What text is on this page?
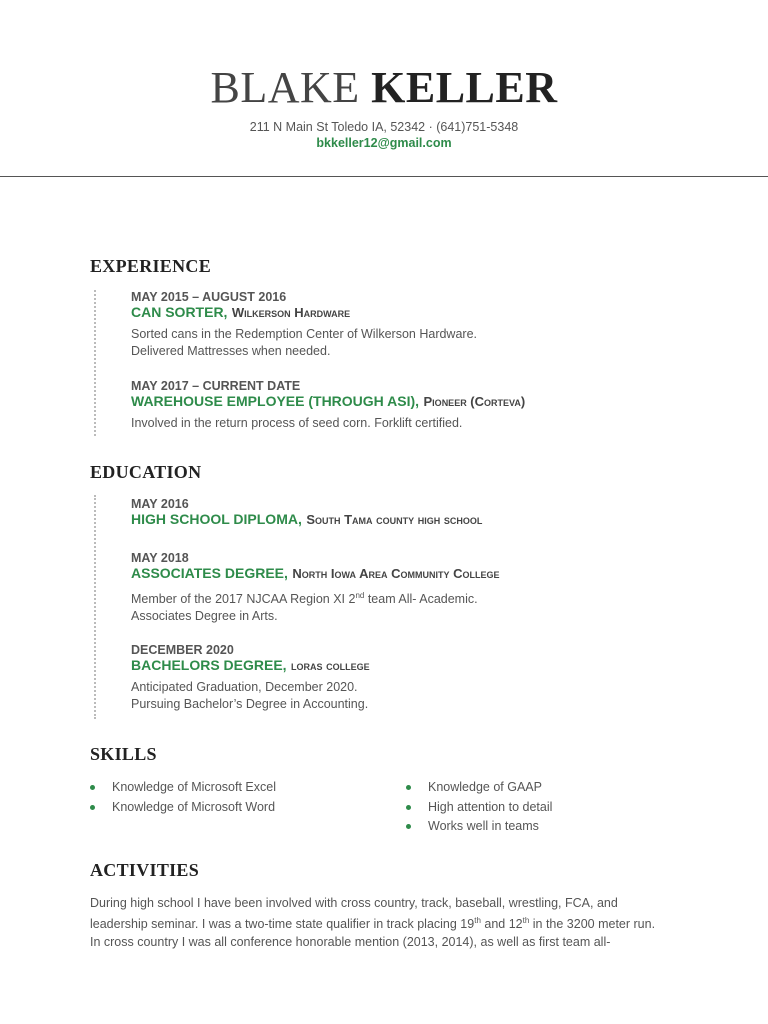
BLAKE KELLER
211 N Main St Toledo IA, 52342 · (641)751-5348
bkkeller12@gmail.com
EXPERIENCE
MAY 2015 – AUGUST 2016
CAN SORTER, Wilkerson Hardware
Sorted cans in the Redemption Center of Wilkerson Hardware.
Delivered Mattresses when needed.
MAY 2017 – CURRENT DATE
WAREHOUSE EMPLOYEE (THROUGH ASI), Pioneer (Corteva)
Involved in the return process of seed corn. Forklift certified.
EDUCATION
MAY 2016
HIGH SCHOOL DIPLOMA, South Tama county high school
MAY 2018
ASSOCIATES DEGREE, North Iowa Area Community College
Member of the 2017 NJCAA Region XI 2nd team All- Academic.
Associates Degree in Arts.
DECEMBER 2020
BACHELORS DEGREE, loras college
Anticipated Graduation, December 2020.
Pursuing Bachelor’s Degree in Accounting.
SKILLS
Knowledge of Microsoft Excel
Knowledge of Microsoft Word
Knowledge of GAAP
High attention to detail
Works well in teams
ACTIVITIES
During high school I have been involved with cross country, track, baseball, wrestling, FCA, and
leadership seminar. I was a two-time state qualifier in track placing 19th and 12th in the 3200 meter run.
In cross country I was all conference honorable mention (2013, 2014), as well as first team all-
